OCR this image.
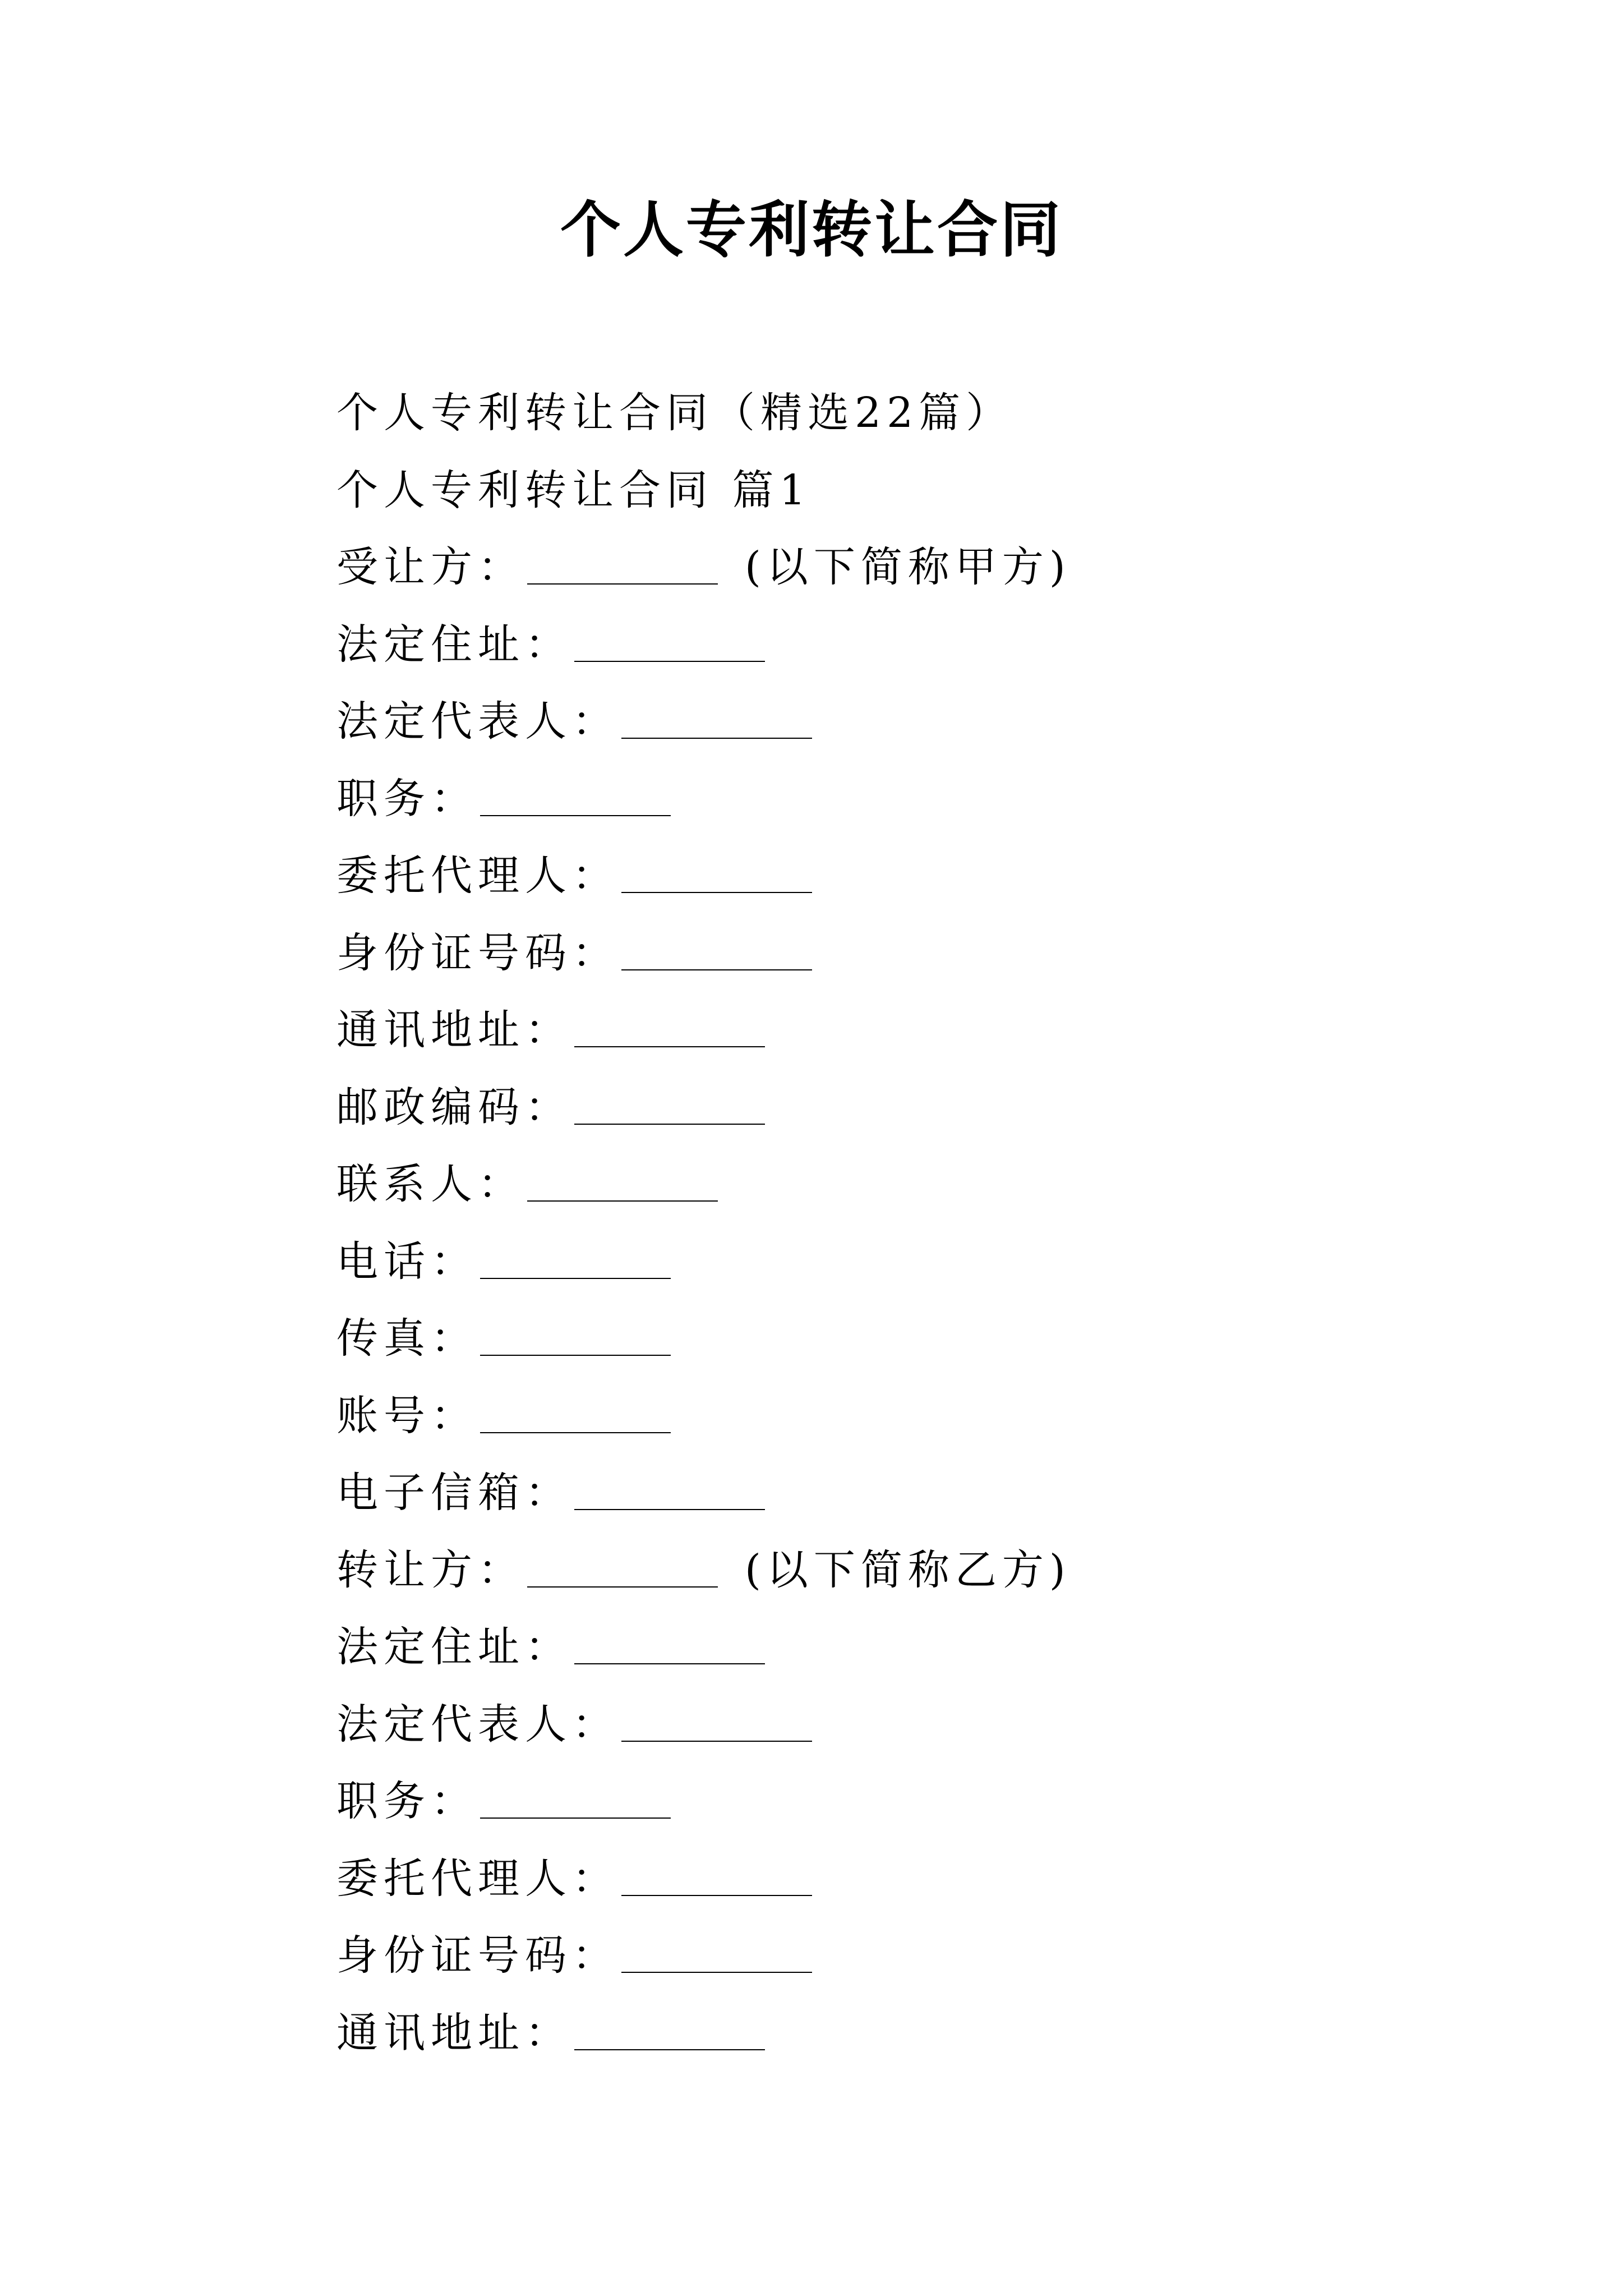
个人专利转让合同
个人专利转让合同（精选22篇）
个人专利转让合同 篇1
受让方：	(以下简称甲方)
法定住址：
法定代表人：
职务：
委托代理人：
身份证号码：
通讯地址：
邮政编码：
联系人：
电话：
传真：
账号：
电子信箱：
转让方：	(以下简称乙方)
法定住址：
法定代表人：
职务：
委托代理人：
身份证号码：
通讯地址：
